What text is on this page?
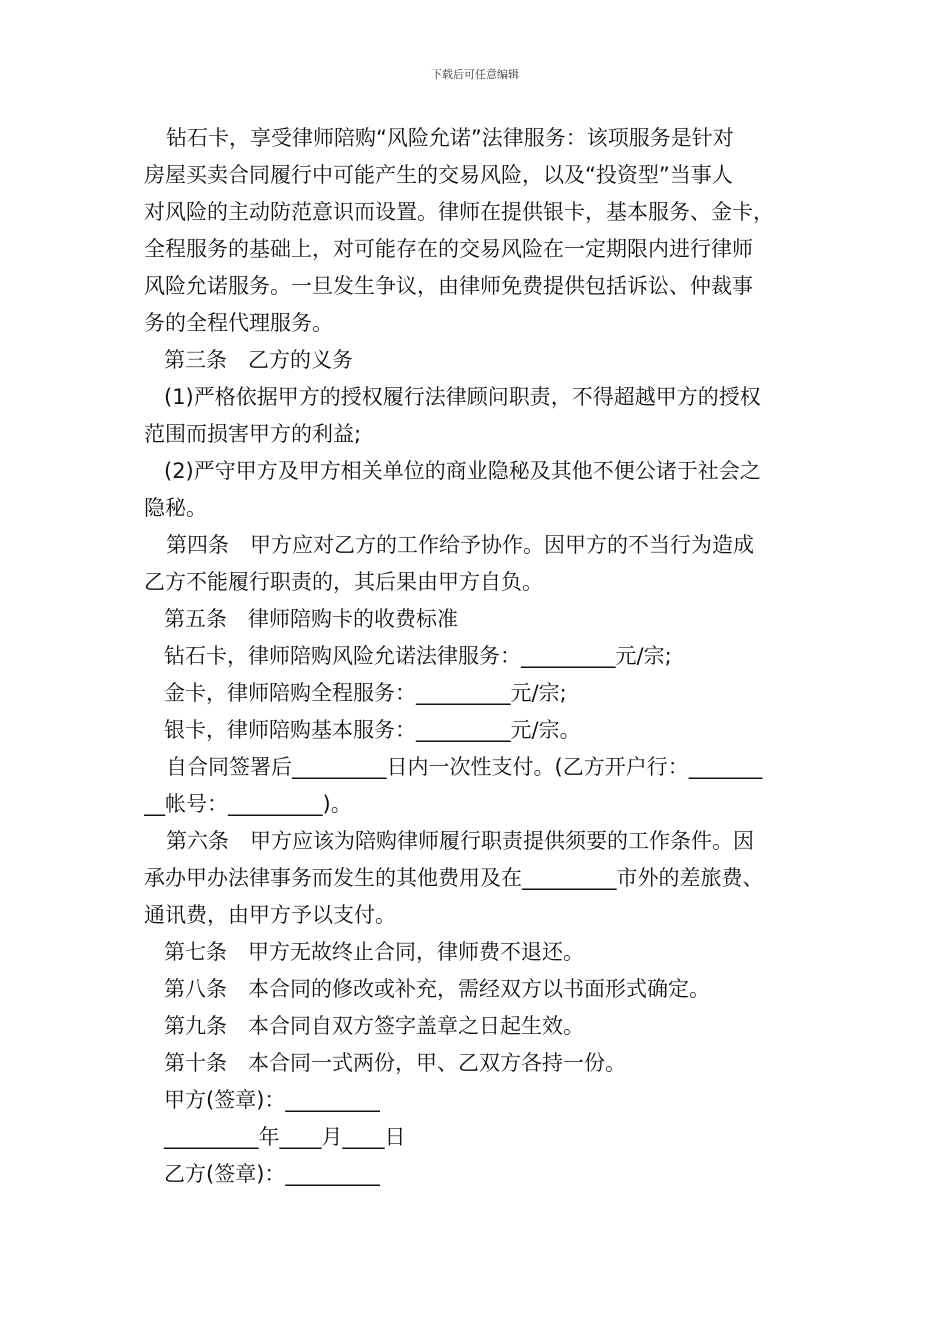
下载后可任意编辑
钻石卡，享受律师陪购“风险允诺”法律服务：该项服务是针对
房屋买卖合同履行中可能产生的交易风险，以及“投资型”当事人
对风险的主动防范意识而设置。律师在提供银卡，基本服务、金卡，
全程服务的基础上，对可能存在的交易风险在一定期限内进行律师
风险允诺服务。一旦发生争议，由律师免费提供包括诉讼、仲裁事
务的全程代理服务。
第三条　乙方的义务
(1)严格依据甲方的授权履行法律顾问职责，不得超越甲方的授权
范围而损害甲方的利益;
(2)严守甲方及甲方相关单位的商业隐秘及其他不便公诸于社会之
隐秘。
第四条　甲方应对乙方的工作给予协作。因甲方的不当行为造成
乙方不能履行职责的，其后果由甲方自负。
第五条　律师陪购卡的收费标准
钻石卡，律师陪购风险允诺法律服务：_________元/宗;
金卡，律师陪购全程服务：_________元/宗;
银卡，律师陪购基本服务：_________元/宗。
自合同签署后_________日内一次性支付。(乙方开户行：_______
__帐号：_________)。
第六条　甲方应该为陪购律师履行职责提供须要的工作条件。因
承办甲办法律事务而发生的其他费用及在_________市外的差旅费、
通讯费，由甲方予以支付。
第七条　甲方无故终止合同，律师费不退还。
第八条　本合同的修改或补充，需经双方以书面形式确定。
第九条　本合同自双方签字盖章之日起生效。
第十条　本合同一式两份，甲、乙双方各持一份。
甲方(签章)：_________
_________年____月____日
乙方(签章)：_________
